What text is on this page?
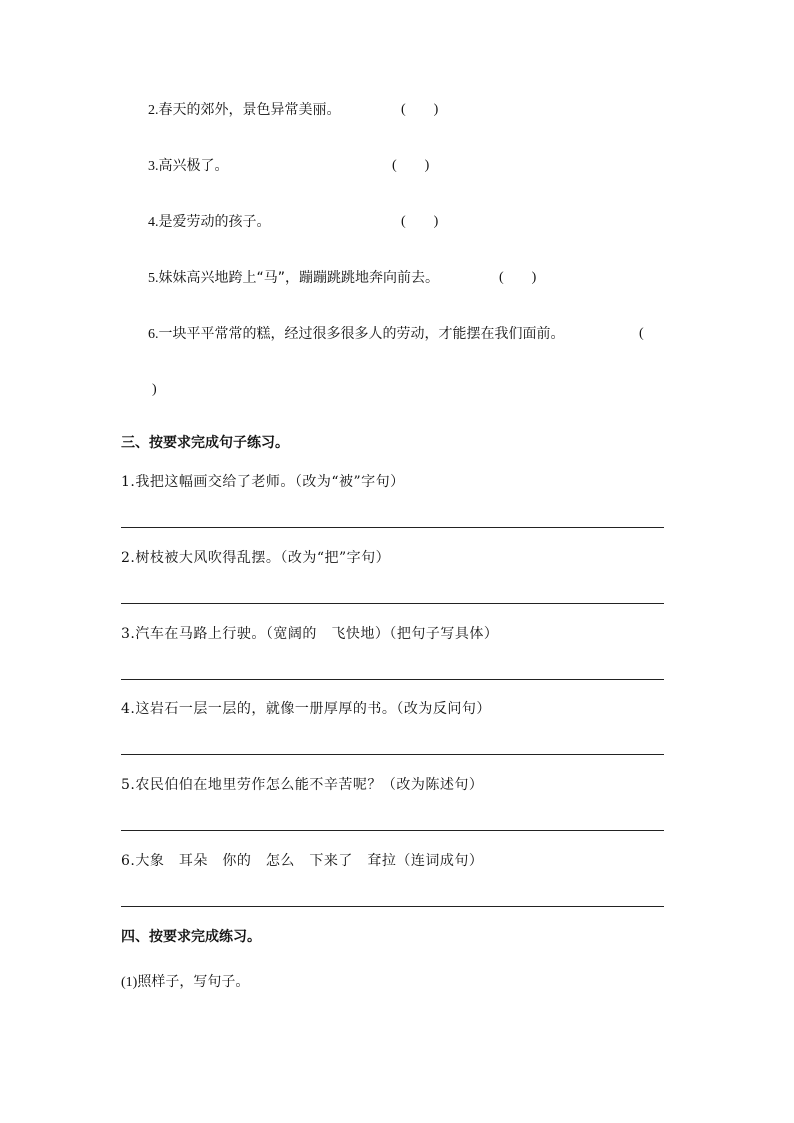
2.春天的郊外，景色异常美丽。	(　　)
3.高兴极了。	(　　)
4.是爱劳动的孩子。	(　　)
5.妹妹高兴地跨上“马”，蹦蹦跳跳地奔向前去。	(　　)
6.一块平平常常的糕，经过很多很多人的劳动，才能摆在我们面前。	(
)
三、按要求完成句子练习。
1.我把这幅画交给了老师。（改为“被”字句）
2.树枝被大风吹得乱摆。（改为“把”字句）
3.汽车在马路上行驶。（宽阔的　飞快地）（把句子写具体）
4.这岩石一层一层的，就像一册厚厚的书。（改为反问句）
5.农民伯伯在地里劳作怎么能不辛苦呢？（改为陈述句）
6.大象　耳朵　你的　怎么　下来了　耷拉（连词成句）
四、按要求完成练习。
(1)照样子，写句子。
